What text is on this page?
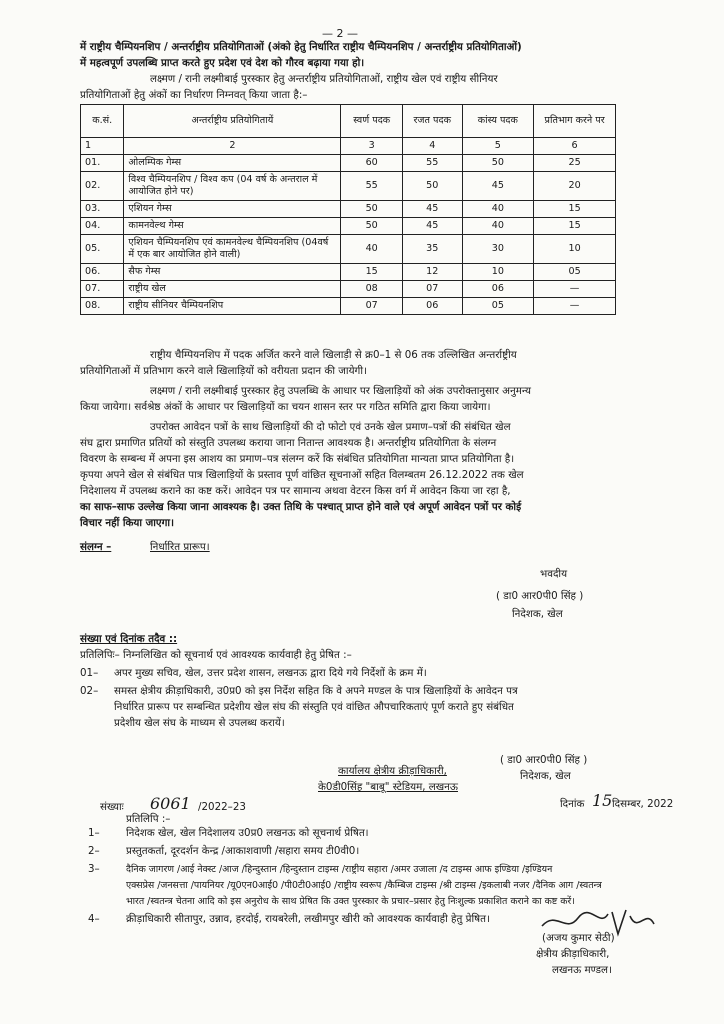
— 2 —
में राष्ट्रीय चैम्पियनशिप / अन्तर्राष्ट्रीय प्रतियोगिताओं (अंको हेतु निर्धारित राष्ट्रीय चैम्पियनशिप / अन्तर्राष्ट्रीय प्रतियोगिताओं)
में महत्वपूर्ण उपलब्धि प्राप्त करते हुए प्रदेश एवं देश को गौरव बढ़ाया गया हो।
लक्ष्मण / रानी लक्ष्मीबाई पुरस्कार हेतु अन्तर्राष्ट्रीय प्रतियोगिताओं, राष्ट्रीय खेल एवं राष्ट्रीय सीनियर
प्रतियोगिताओं हेतु अंकों का निर्धारण निम्नवत् किया जाता है:–
क.सं.	अन्तर्राष्ट्रीय प्रतियोगितायें	स्वर्ण पदक	रजत पदक	कांस्य पदक	प्रतिभाग करने पर
1	2	3	4	5	6
01.	ओलम्पिक गेम्स	60	55	50	25
02.	विश्व चैम्पियनशिप / विश्व कप (04 वर्ष के अन्तराल में आयोजित होने पर)	55	50	45	20
03.	एशियन गेम्स	50	45	40	15
04.	कामनवेल्थ गेम्स	50	45	40	15
05.	एशियन चैम्पियनशिप एवं कामनवेल्थ चैम्पियनशिप (04वर्ष में एक बार आयोजित होने वाली)	40	35	30	10
06.	सैफ गेम्स	15	12	10	05
07.	राष्ट्रीय खेल	08	07	06	—
08.	राष्ट्रीय सीनियर चैम्पियनशिप	07	06	05	—
राष्ट्रीय चैम्पियनशिप में पदक अर्जित करने वाले खिलाड़ी से क्र0–1 से 06 तक उल्लिखित अन्तर्राष्ट्रीय
प्रतियोगिताओं में प्रतिभाग करने वाले खिलाड़ियों को वरीयता प्रदान की जायेगी।
लक्ष्मण / रानी लक्ष्मीबाई पुरस्कार हेतु उपलब्धि के आधार पर खिलाड़ियों को अंक उपरोक्तानुसार अनुमन्य
किया जायेगा। सर्वश्रेष्ठ अंकों के आधार पर खिलाड़ियों का चयन शासन स्तर पर गठित समिति द्वारा किया जायेगा।
उपरोक्त आवेदन पत्रों के साथ खिलाड़ियों की दो फोटो एवं उनके खेल प्रमाण–पत्रों की संबंधित खेल
संघ द्वारा प्रमाणित प्रतियों को संस्तुति उपलब्ध कराया जाना नितान्त आवश्यक है। अन्तर्राष्ट्रीय प्रतियोगिता के संलग्न
विवरण के सम्बन्ध में अपना इस आशय का प्रमाण–पत्र संलग्न करें कि संबंधित प्रतियोगिता मान्यता प्राप्त प्रतियोगिता है।
कृपया अपने खेल से संबंधित पात्र खिलाड़ियों के प्रस्ताव पूर्ण वांछित सूचनाओं सहित विलम्बतम 26.12.2022 तक खेल
निदेशालय में उपलब्ध कराने का कष्ट करें। आवेदन पत्र पर सामान्य अथवा वेटरन किस वर्ग में आवेदन किया जा रहा है,
का साफ–साफ उल्लेख किया जाना आवश्यक है। उक्त तिथि के पश्चात् प्राप्त होने वाले एवं अपूर्ण आवेदन पत्रों पर कोई
विचार नहीं किया जाएगा।
संलग्न –	निर्धारित प्रारूप।
भवदीय
( डा0 आर0पी0 सिंह )
निदेशक, खेल
संख्या एवं दिनांक तदैव ::
प्रतिलिपिः– निम्नलिखित को सूचनार्थ एवं आवश्यक कार्यवाही हेतु प्रेषित :–
01– अपर मुख्य सचिव, खेल, उत्तर प्रदेश शासन, लखनऊ द्वारा दिये गये निर्देशों के क्रम में।
02– समस्त क्षेत्रीय क्रीड़ाधिकारी, उ0प्र0 को इस निर्देश सहित कि वे अपने मण्डल के पात्र खिलाड़ियों के आवेदन पत्र
निर्धारित प्रारूप पर सम्बन्धित प्रदेशीय खेल संघ की संस्तुति एवं वांछित औपचारिकताएं पूर्ण कराते हुए संबंधित
प्रदेशीय खेल संघ के माध्यम से उपलब्ध करायें।
( डा0 आर0पी0 सिंह )
निदेशक, खेल
कार्यालय क्षेत्रीय क्रीड़ाधिकारी,
के0डी0सिंह "बाबू" स्टेडियम, लखनऊ
संख्याः 6061 /2022–23	दिनांक 15 दिसम्बर, 2022
प्रतिलिपि :–
1–	निदेशक खेल, खेल निदेशालय उ0प्र0 लखनऊ को सूचनार्थ प्रेषित।
2–	प्रस्तुतकर्ता, दूरदर्शन केन्द्र /आकाशवाणी /सहारा समय टी0वी0।
3–	दैनिक जागरण /आई नेक्स्ट /आज /हिन्दुस्तान /हिन्दुस्तान टाइम्स /राष्ट्रीय सहारा /अमर उजाला /द टाइम्स आफ इण्डिया /इण्डियन
एक्सप्रेस /जनसत्ता /पायनियर /यू0एन0आई0 /पी0टी0आई0 /राष्ट्रीय स्वरूप /कैम्बिज टाइम्स /श्री टाइम्स /इकलाबी नजर /दैनिक आग /स्वतन्त्र
भारत /स्वतन्त्र चेतना आदि को इस अनुरोध के साथ प्रेषित कि उक्त पुरस्कार के प्रचार–प्रसार हेतु निःशुल्क प्रकाशित कराने का कष्ट करें।
4–	क्रीड़ाधिकारी सीतापुर, उन्नाव, हरदोई, रायबरेली, लखीमपुर खीरी को आवश्यक कार्यवाही हेतु प्रेषित।
(अजय कुमार सेठी)
क्षेत्रीय क्रीड़ाधिकारी,
लखनऊ मण्डल।
